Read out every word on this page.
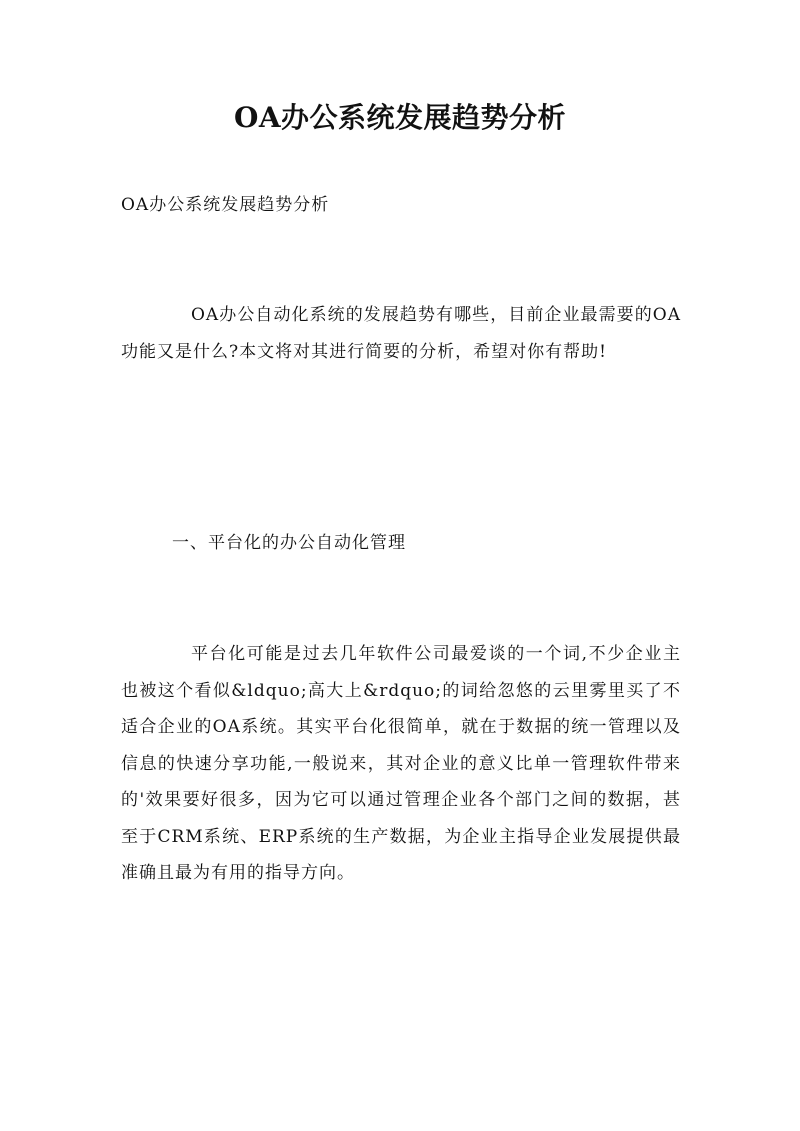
OA办公系统发展趋势分析
OA办公系统发展趋势分析

OA办公自动化系统的发展趋势有哪些，目前企业最需要的OA功能又是什么?本文将对其进行简要的分析，希望对你有帮助!

一、平台化的办公自动化管理

平台化可能是过去几年软件公司最爱谈的一个词,不少企业主也被这个看似&ldquo;高大上&rdquo;的词给忽悠的云里雾里买了不适合企业的OA系统。其实平台化很简单，就在于数据的统一管理以及信息的快速分享功能,一般说来，其对企业的意义比单一管理软件带来的'效果要好很多，因为它可以通过管理企业各个部门之间的数据，甚至于CRM系统、ERP系统的生产数据，为企业主指导企业发展提供最准确且最为有用的指导方向。
